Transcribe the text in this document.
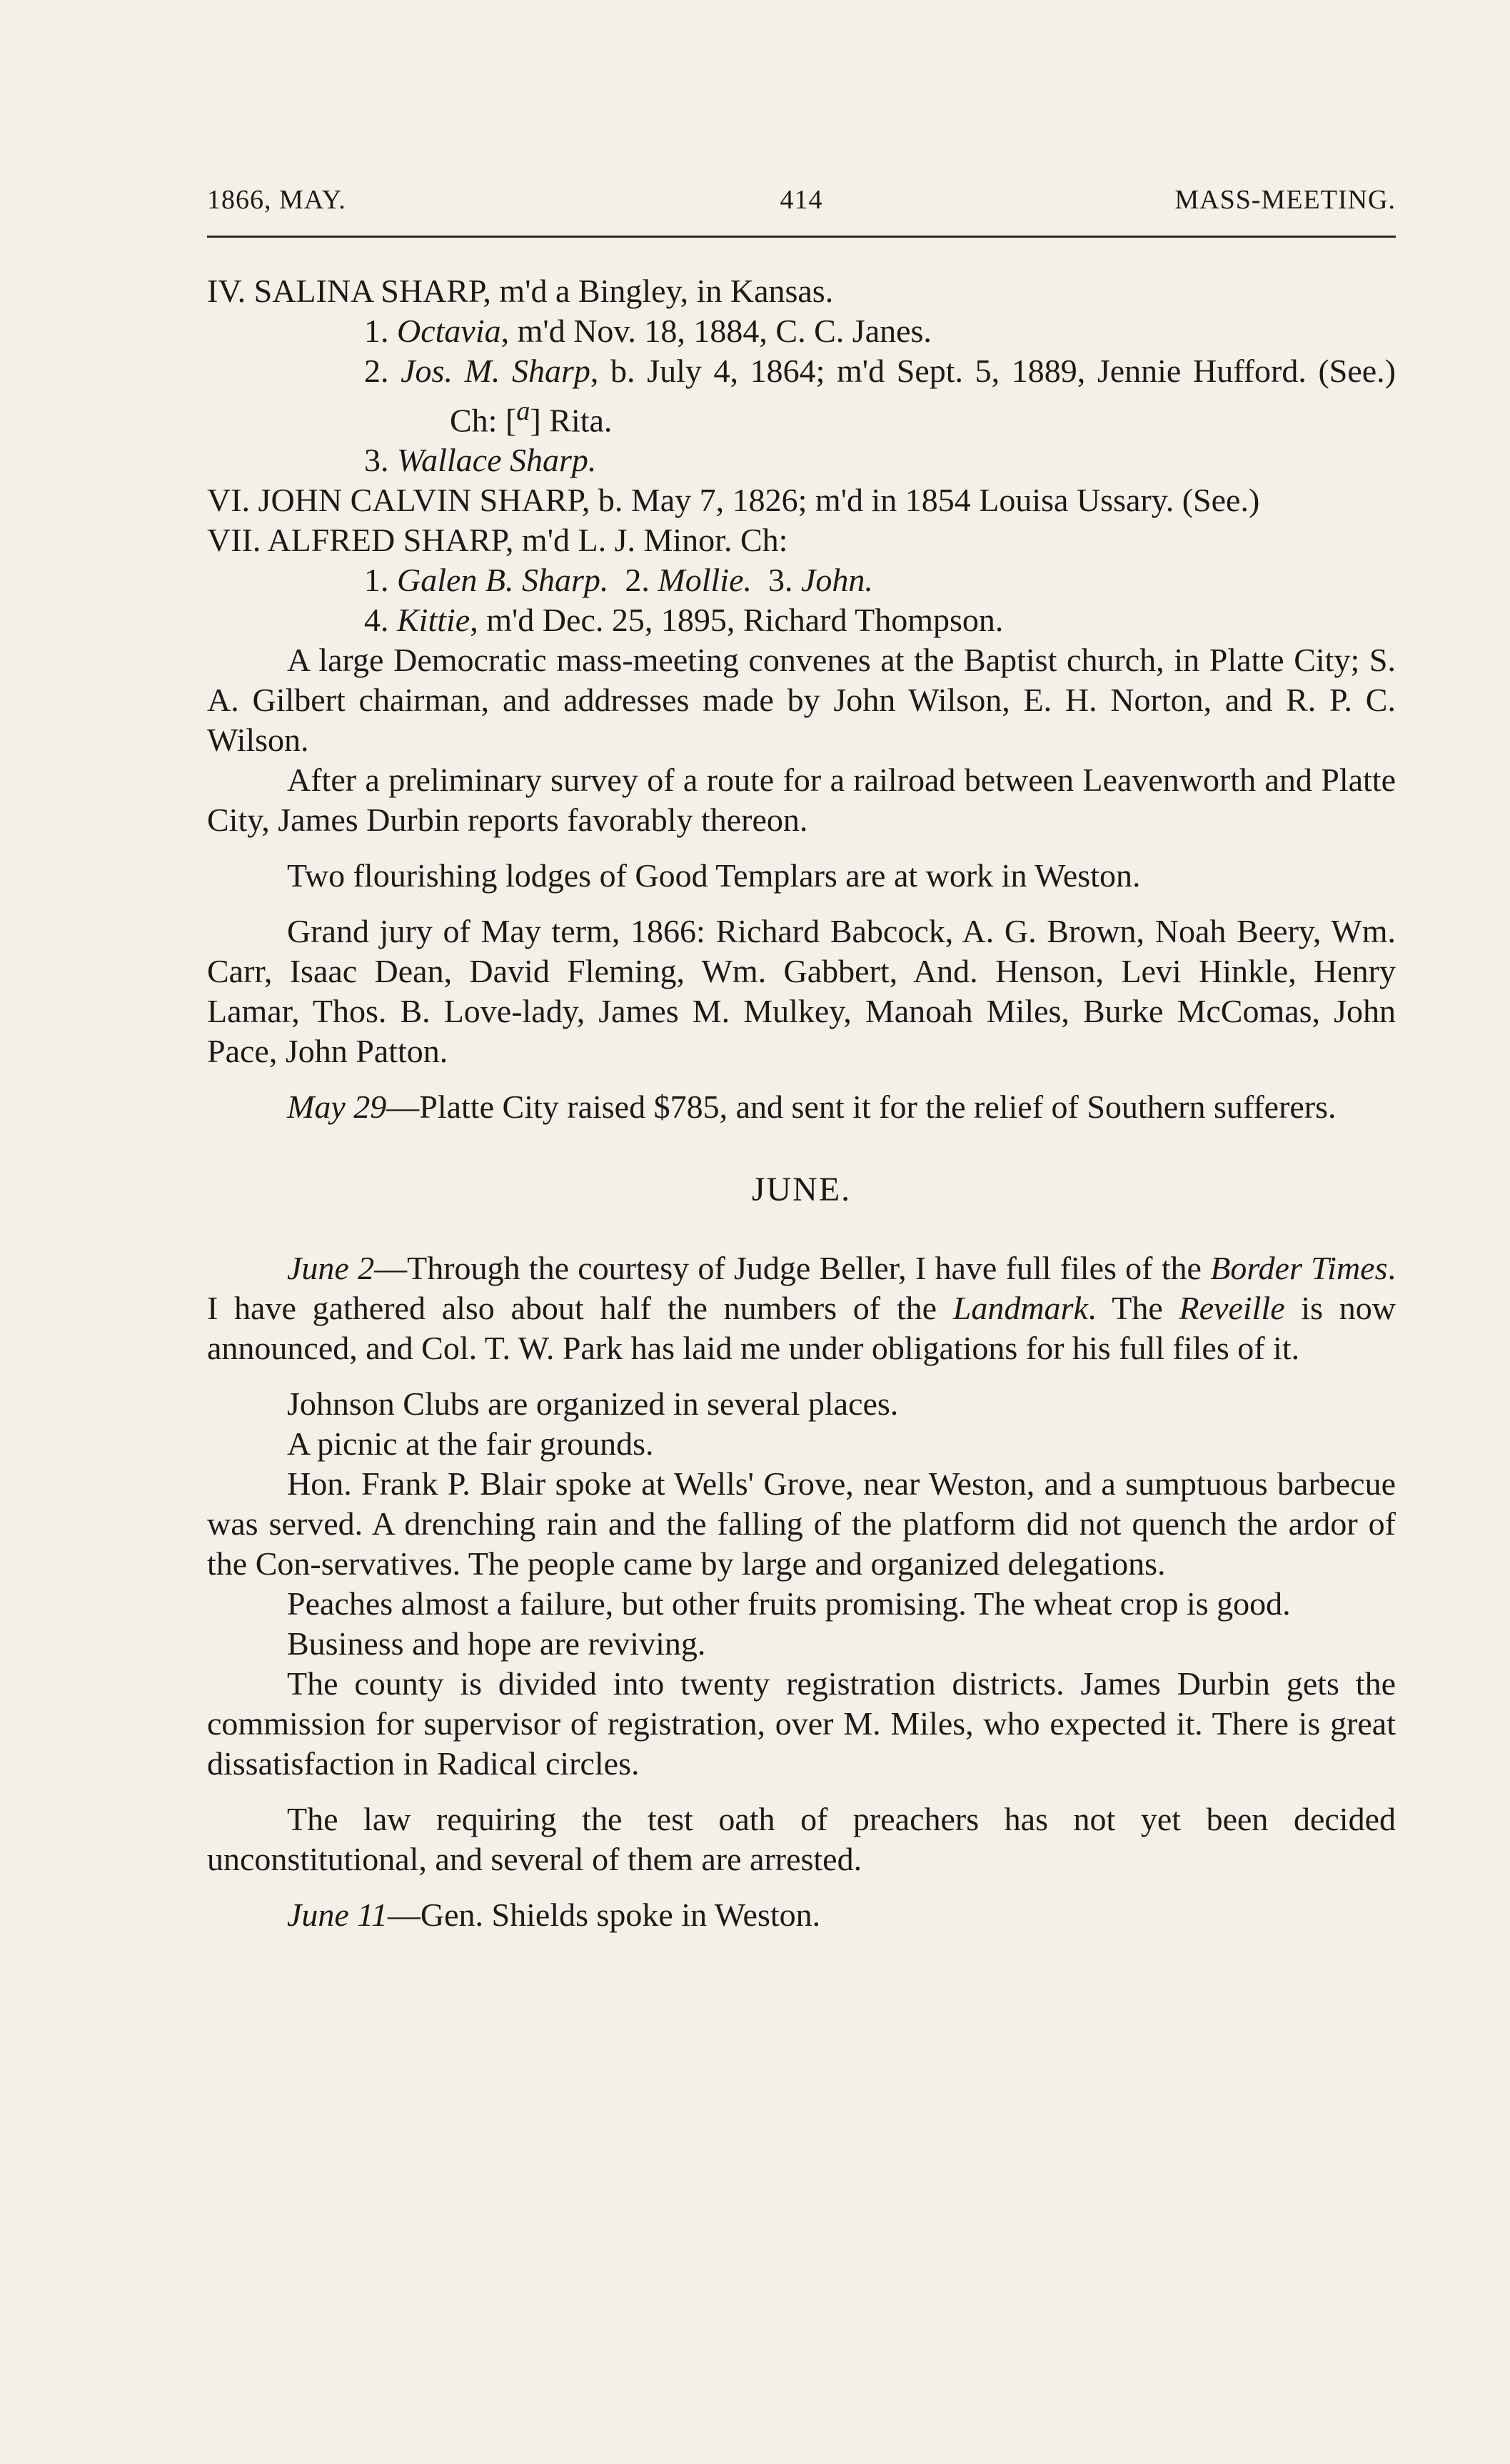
1866, MAY.	414	MASS-MEETING.

IV. SALINA SHARP, m'd a Bingley, in Kansas.

1. Octavia, m'd Nov. 18, 1884, C. C. Janes.

2. Jos. M. Sharp, b. July 4, 1864; m'd Sept. 5, 1889, Jennie Hufford. (See.) Ch: [$^a$] Rita.

3. Wallace Sharp.

VI. JOHN CALVIN SHARP, b. May 7, 1826; m'd in 1854 Louisa Ussary. (See.)

VII. ALFRED SHARP, m'd L. J. Minor. Ch:

1. Galen B. Sharp.  2. Mollie.  3. John.

4. Kittie, m'd Dec. 25, 1895, Richard Thompson.

A large Democratic mass-meeting convenes at the Baptist church, in Platte City; S. A. Gilbert chairman, and addresses made by John Wilson, E. H. Norton, and R. P. C. Wilson.

After a preliminary survey of a route for a railroad between Leavenworth and Platte City, James Durbin reports favorably thereon.

Two flourishing lodges of Good Templars are at work in Weston.

Grand jury of May term, 1866: Richard Babcock, A. G. Brown, Noah Beery, Wm. Carr, Isaac Dean, David Fleming, Wm. Gabbert, And. Henson, Levi Hinkle, Henry Lamar, Thos. B. Love-lady, James M. Mulkey, Manoah Miles, Burke McComas, John Pace, John Patton.

May 29—Platte City raised $785, and sent it for the relief of Southern sufferers.

JUNE.

June 2—Through the courtesy of Judge Beller, I have full files of the Border Times. I have gathered also about half the numbers of the Landmark. The Reveille is now announced, and Col. T. W. Park has laid me under obligations for his full files of it.

Johnson Clubs are organized in several places.

A picnic at the fair grounds.

Hon. Frank P. Blair spoke at Wells' Grove, near Weston, and a sumptuous barbecue was served. A drenching rain and the falling of the platform did not quench the ardor of the Con-servatives. The people came by large and organized delegations.

Peaches almost a failure, but other fruits promising. The wheat crop is good.

Business and hope are reviving.

The county is divided into twenty registration districts. James Durbin gets the commission for supervisor of registration, over M. Miles, who expected it. There is great dissatisfaction in Radical circles.

The law requiring the test oath of preachers has not yet been decided unconstitutional, and several of them are arrested.

June 11—Gen. Shields spoke in Weston.
